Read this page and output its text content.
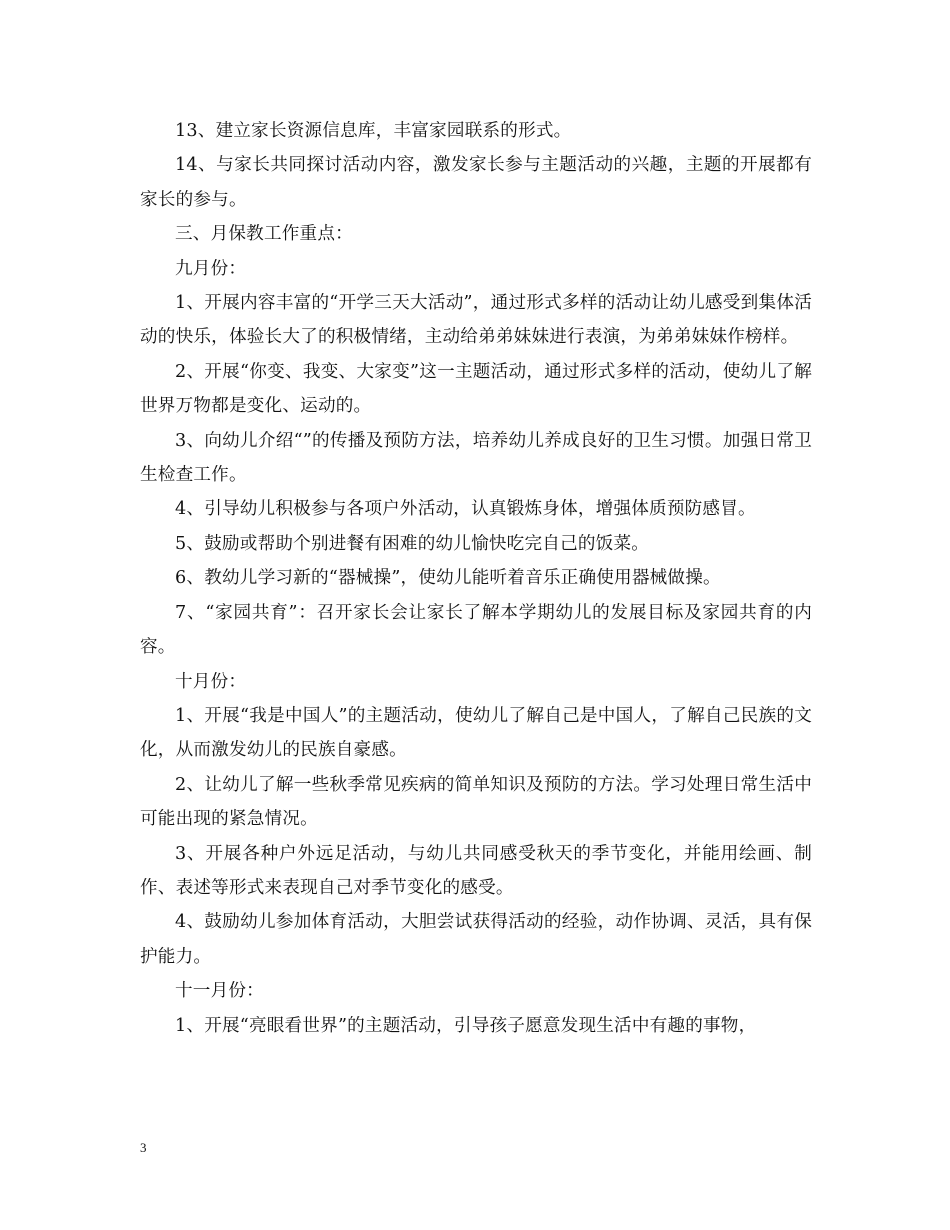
13、建立家长资源信息库，丰富家园联系的形式。

14、与家长共同探讨活动内容，激发家长参与主题活动的兴趣，主题的开展都有家长的参与。

三、月保教工作重点：

九月份：

1、开展内容丰富的“开学三天大活动”，通过形式多样的活动让幼儿感受到集体活动的快乐，体验长大了的积极情绪，主动给弟弟妹妹进行表演，为弟弟妹妹作榜样。

2、开展“你变、我变、大家变”这一主题活动，通过形式多样的活动，使幼儿了解世界万物都是变化、运动的。

3、向幼儿介绍“”的传播及预防方法，培养幼儿养成良好的卫生习惯。加强日常卫生检查工作。

4、引导幼儿积极参与各项户外活动，认真锻炼身体，增强体质预防感冒。

5、鼓励或帮助个别进餐有困难的幼儿愉快吃完自己的饭菜。

6、教幼儿学习新的“器械操”，使幼儿能听着音乐正确使用器械做操。

7、“家园共育”：召开家长会让家长了解本学期幼儿的发展目标及家园共育的内容。

十月份：

1、开展“我是中国人”的主题活动，使幼儿了解自己是中国人，了解自己民族的文化，从而激发幼儿的民族自豪感。

2、让幼儿了解一些秋季常见疾病的简单知识及预防的方法。学习处理日常生活中可能出现的紧急情况。

3、开展各种户外远足活动，与幼儿共同感受秋天的季节变化，并能用绘画、制作、表述等形式来表现自己对季节变化的感受。

4、鼓励幼儿参加体育活动，大胆尝试获得活动的经验，动作协调、灵活，具有保护能力。

十一月份：

1、开展“亮眼看世界”的主题活动，引导孩子愿意发现生活中有趣的事物，

3
